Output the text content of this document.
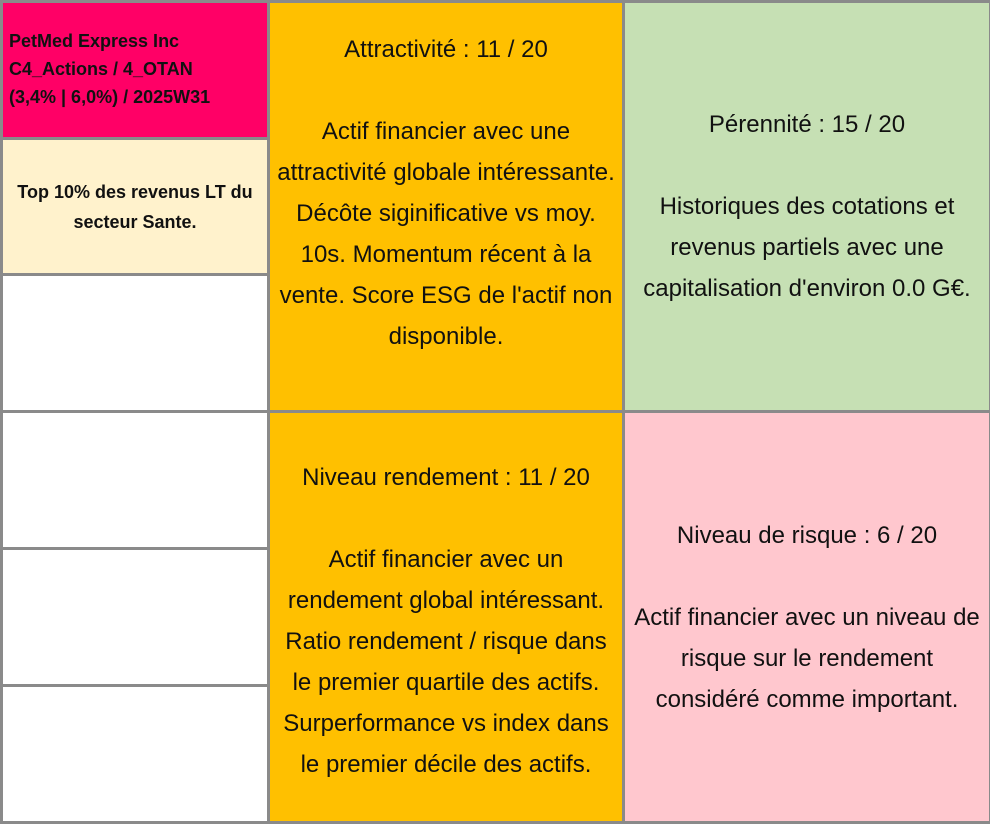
PetMed Express Inc
C4_Actions / 4_OTAN
(3,4% | 6,0%) / 2025W31
Top 10% des revenus LT du secteur Sante.
Attractivité : 11 / 20
Actif financier avec une attractivité globale intéressante. Décôte siginificative vs moy. 10s. Momentum récent à la vente. Score ESG de l'actif non disponible.
Pérennité : 15 / 20
Historiques des cotations et revenus partiels avec une capitalisation d'environ 0.0 G€.
Niveau rendement : 11 / 20
Actif financier avec un rendement global intéressant. Ratio rendement / risque dans le premier quartile des actifs. Surperformance vs index dans le premier décile des actifs.
Niveau de risque : 6 / 20
Actif financier avec un niveau de risque sur le rendement considéré comme important.
